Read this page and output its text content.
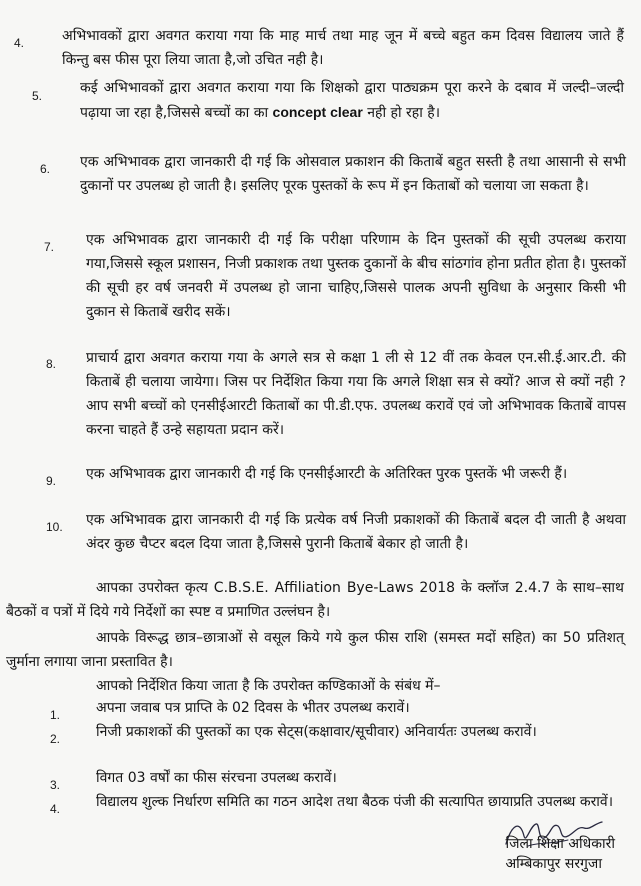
4.	अभिभावकों द्वारा अवगत कराया गया कि माह मार्च तथा माह जून में बच्चे बहुत कम दिवस विद्यालय जाते हैं किन्तु बस फीस पूरा लिया जाता है,जो उचित नही है।
5.	कई अभिभावकों द्वारा अवगत कराया गया कि शिक्षको द्वारा पाठ्यक्रम पूरा करने के दबाव में जल्दी–जल्दी पढ़ाया जा रहा है,जिससे बच्चों का का concept clear नही हो रहा है।
6. एक अभिभावक द्वारा जानकारी दी गई कि ओसवाल प्रकाशन की किताबें बहुत सस्ती है तथा आसानी से सभी दुकानों पर उपलब्ध हो जाती है। इसलिए पूरक पुस्तकों के रूप में इन किताबों को चलाया जा सकता है।
7. एक अभिभावक द्वारा जानकारी दी गई कि परीक्षा परिणाम के दिन पुस्तकों की सूची उपलब्ध कराया गया,जिससे स्कूल प्रशासन, निजी प्रकाशक तथा पुस्तक दुकानों के बीच सांठगांव होना प्रतीत होता है। पुस्तकों की सूची हर वर्ष जनवरी में उपलब्ध हो जाना चाहिए,जिससे पालक अपनी सुविधा के अनुसार किसी भी दुकान से किताबें खरीद सकें।
8. प्राचार्य द्वारा अवगत कराया गया के अगले सत्र से कक्षा 1 ली से 12 वीं तक केवल एन.सी.ई.आर.टी. की किताबें ही चलाया जायेगा। जिस पर निर्देशित किया गया कि अगले शिक्षा सत्र से क्यों? आज से क्यों नही ? आप सभी बच्चों को एनसीईआरटी किताबों का पी.डी.एफ. उपलब्ध करावें एवं जो अभिभावक किताबें वापस करना चाहते हैं उन्हे सहायता प्रदान करें।
9. एक अभिभावक द्वारा जानकारी दी गई कि एनसीईआरटी के अतिरिक्त पुरक पुस्तकें भी जरूरी हैं।
10. एक अभिभावक द्वारा जानकारी दी गई कि प्रत्येक वर्ष निजी प्रकाशकों की किताबें बदल दी जाती है अथवा अंदर कुछ चैप्टर बदल दिया जाता है,जिससे पुरानी किताबें बेकार हो जाती है।
आपका उपरोक्त कृत्य C.B.S.E. Affiliation Bye-Laws 2018 के क्लॉज 2.4.7 के साथ–साथ बैठकों व पत्रों में दिये गये निर्देशों का स्पष्ट व प्रमाणित उल्लंघन है।
आपके विरूद्ध छात्र–छात्राओं से वसूल किये गये कुल फीस राशि (समस्त मदों सहित) का 50 प्रतिशत् जुर्माना लगाया जाना प्रस्तावित है।
आपको निर्देशित किया जाता है कि उपरोक्त कण्डिकाओं के संबंध में–
1.	अपना जवाब पत्र प्राप्ति के 02 दिवस के भीतर उपलब्ध करावें।
2.	निजी प्रकाशकों की पुस्तकों का एक सेट्स(कक्षावार/सूचीवार) अनिवार्यतः उपलब्ध करावें।
3.	विगत 03 वर्षों का फीस संरचना उपलब्ध करावें।
4.	विद्यालय शुल्क निर्धारण समिति का गठन आदेश तथा बैठक पंजी की सत्यापित छायाप्रति उपलब्ध करावें।
जिला शिक्षा अधिकारी
अम्बिकापुर सरगुजा
